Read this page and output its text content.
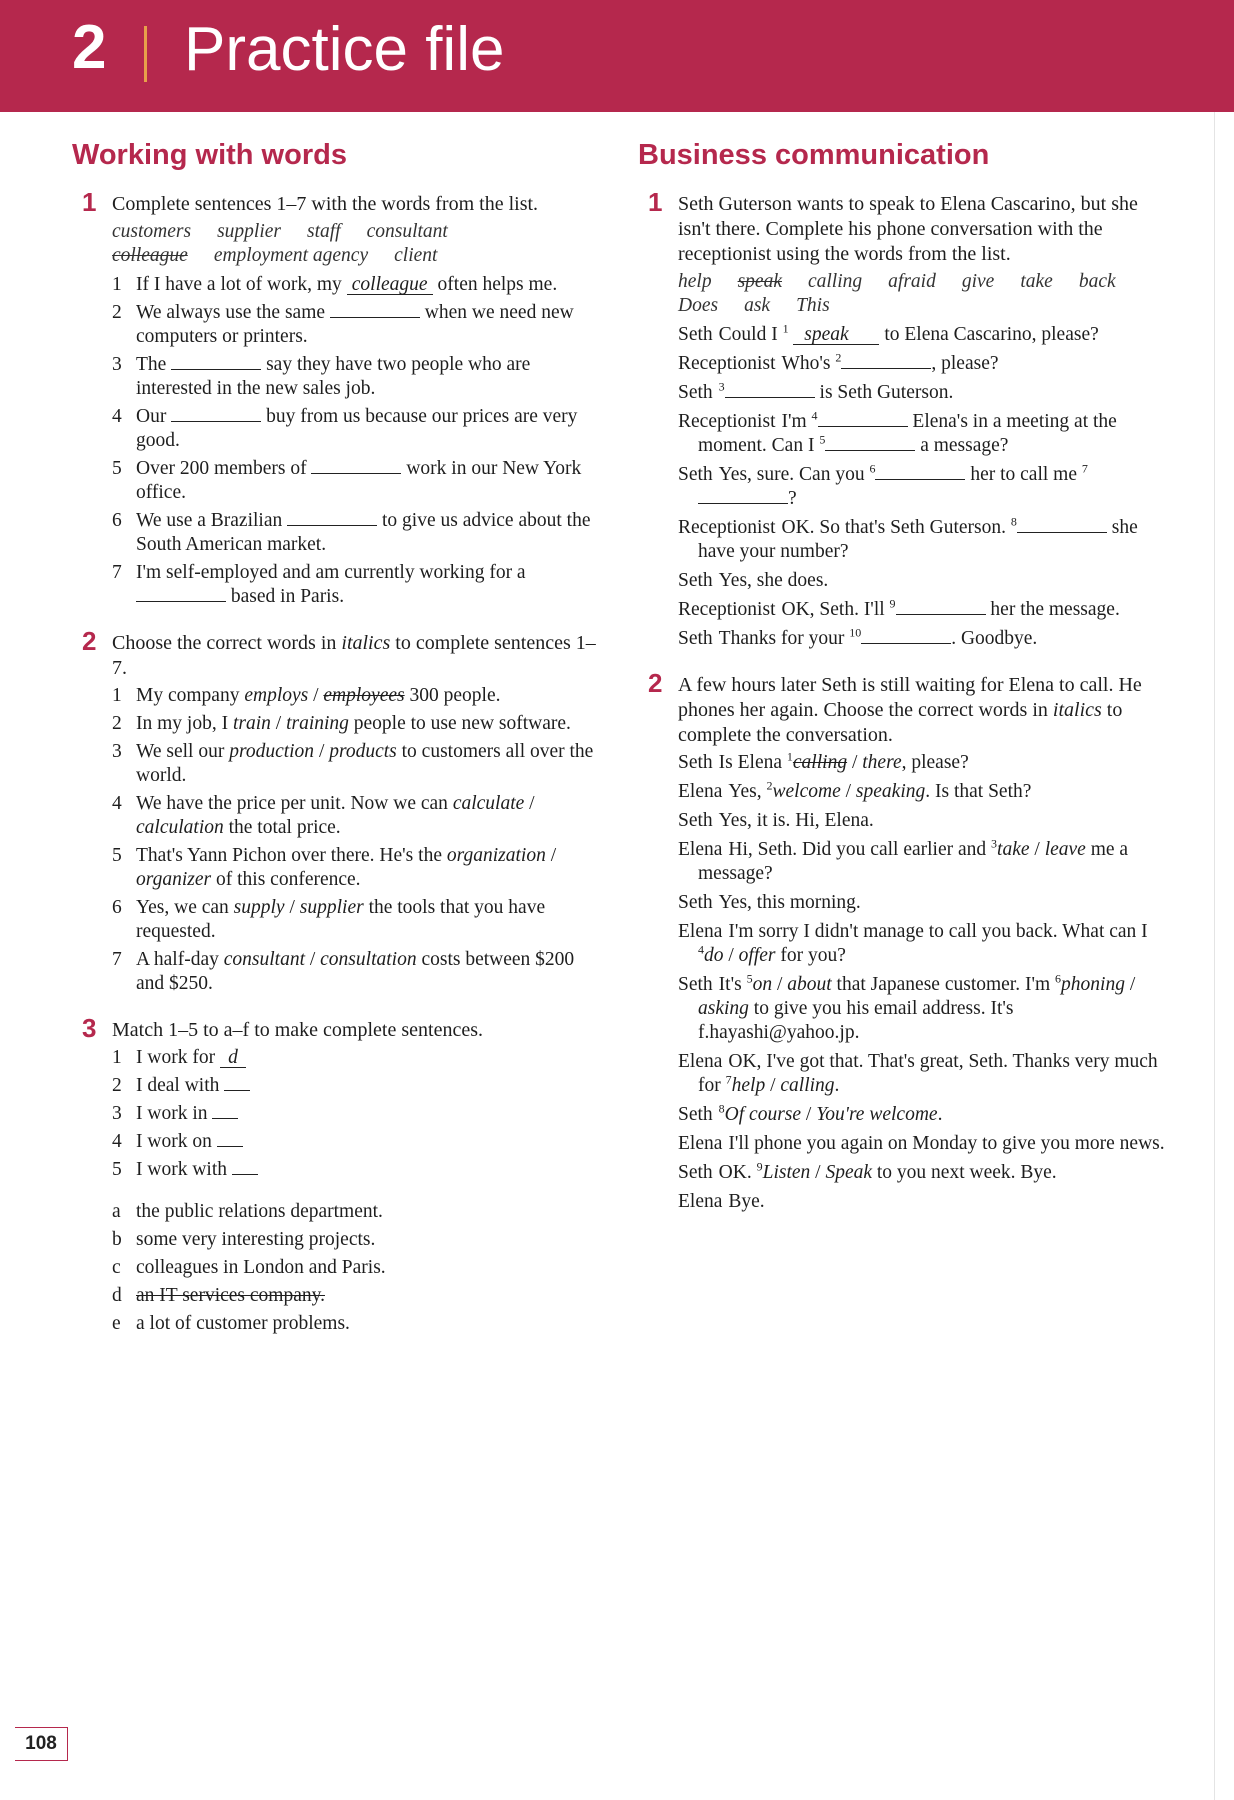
2 Practice file
Working with words
1 Complete sentences 1–7 with the words from the list.
customers supplier staff consultant
colleague employment agency client
1 If I have a lot of work, my colleague often helps me.
2 We always use the same	when we need new computers or printers.
3 The	say they have two people who are interested in the new sales job.
4 Our	buy from us because our prices are very good.
5 Over 200 members of	work in our New York office.
6 We use a Brazilian	to give us advice about the South American market.
7 I'm self-employed and am currently working for a  based in Paris.
2 Choose the correct words in italics to complete sentences 1–7.
1 My company employs / employees 300 people.
2 In my job, I train / training people to use new software.
3 We sell our production / products to customers all over the world.
4 We have the price per unit. Now we can calculate / calculation the total price.
5 That's Yann Pichon over there. He's the organization / organizer of this conference.
6 Yes, we can supply / supplier the tools that you have requested.
7 A half-day consultant / consultation costs between $200 and $250.
3 Match 1–5 to a–f to make complete sentences.
1 I work for d
2 I deal with
3 I work in
4 I work on
5 I work with
a the public relations department.
b some very interesting projects.
c colleagues in London and Paris.
d an IT services company.
e a lot of customer problems.
Business communication
1 Seth Guterson wants to speak to Elena Cascarino, but she isn't there. Complete his phone conversation with the receptionist using the words from the list.
help speak calling afraid give take back
Does ask This
Seth Could I $^1$ speak to Elena Cascarino, please?
Receptionist Who's $^2$	, please?
Seth $^3$	is Seth Guterson.
Receptionist I'm $^4$	Elena's in a meeting at the moment. Can I $^5$	a message?
Seth Yes, sure. Can you $^6$	her to call me $^7$?
Receptionist OK. So that's Seth Guterson. $^8$	she have your number?
Seth Yes, she does.
Receptionist OK, Seth. I'll $^9$	her the message.
Seth Thanks for your $^{10}$	. Goodbye.
2 A few hours later Seth is still waiting for Elena to call. He phones her again. Choose the correct words in italics to complete the conversation.
Seth Is Elena $^1$calling / there, please?
Elena Yes, $^2$welcome / speaking. Is that Seth?
Seth Yes, it is. Hi, Elena.
Elena Hi, Seth. Did you call earlier and $^3$take / leave me a message?
Seth Yes, this morning.
Elena I'm sorry I didn't manage to call you back. What can I $^4$do / offer for you?
Seth It's $^5$on / about that Japanese customer. I'm $^6$phoning / asking to give you his email address. It's f.hayashi@yahoo.jp.
Elena OK, I've got that. That's great, Seth. Thanks very much for $^7$help / calling.
Seth $^8$Of course / You're welcome.
Elena I'll phone you again on Monday to give you more news.
Seth OK. $^9$Listen / Speak to you next week. Bye.
Elena Bye.
108
